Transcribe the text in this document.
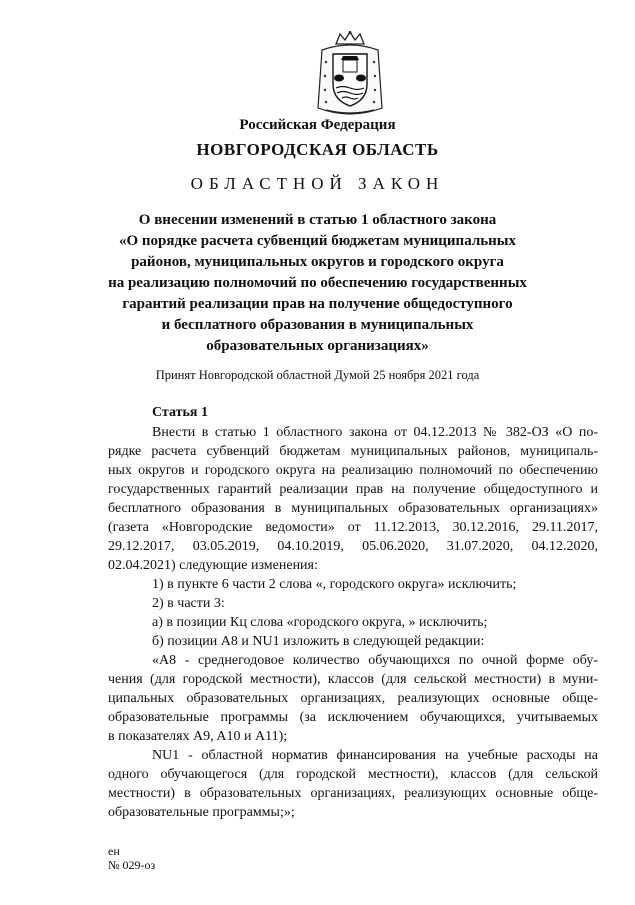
Российская Федерация
НОВГОРОДСКАЯ ОБЛАСТЬ
ОБЛАСТНОЙ ЗАКОН
О внесении изменений в статью 1 областного закона
«О порядке расчета субвенций бюджетам муниципальных
районов, муниципальных округов и городского округа
на реализацию полномочий по обеспечению государственных
гарантий реализации прав на получение общедоступного
и бесплатного образования в муниципальных
образовательных организациях»
Принят Новгородской областной Думой 25 ноября 2021 года
Статья 1
Внести в статью 1 областного закона от 04.12.2013 № 382-ОЗ «О по-
рядке расчета субвенций бюджетам муниципальных районов, муниципаль-
ных округов и городского округа на реализацию полномочий по обеспечению
государственных гарантий реализации прав на получение общедоступного и
бесплатного образования в муниципальных образовательных организациях»
(газета «Новгородские ведомости» от 11.12.2013, 30.12.2016, 29.11.2017,
29.12.2017, 03.05.2019, 04.10.2019, 05.06.2020, 31.07.2020, 04.12.2020,
02.04.2021) следующие изменения:
1) в пункте 6 части 2 слова «, городского округа» исключить;
2) в части 3:
а) в позиции Кц слова «городского округа, » исключить;
б) позиции A8 и NU1 изложить в следующей редакции:
«A8 - среднегодовое количество обучающихся по очной форме обу-
чения (для городской местности), классов (для сельской местности) в муни-
ципальных образовательных организациях, реализующих основные обще-
образовательные программы (за исключением обучающихся, учитываемых
в показателях A9, A10 и A11);
NU1 - областной норматив финансирования на учебные расходы на
одного обучающегося (для городской местности), классов (для сельской
местности) в образовательных организациях, реализующих основные обще-
образовательные программы;»;
ен
№ 029-оз
